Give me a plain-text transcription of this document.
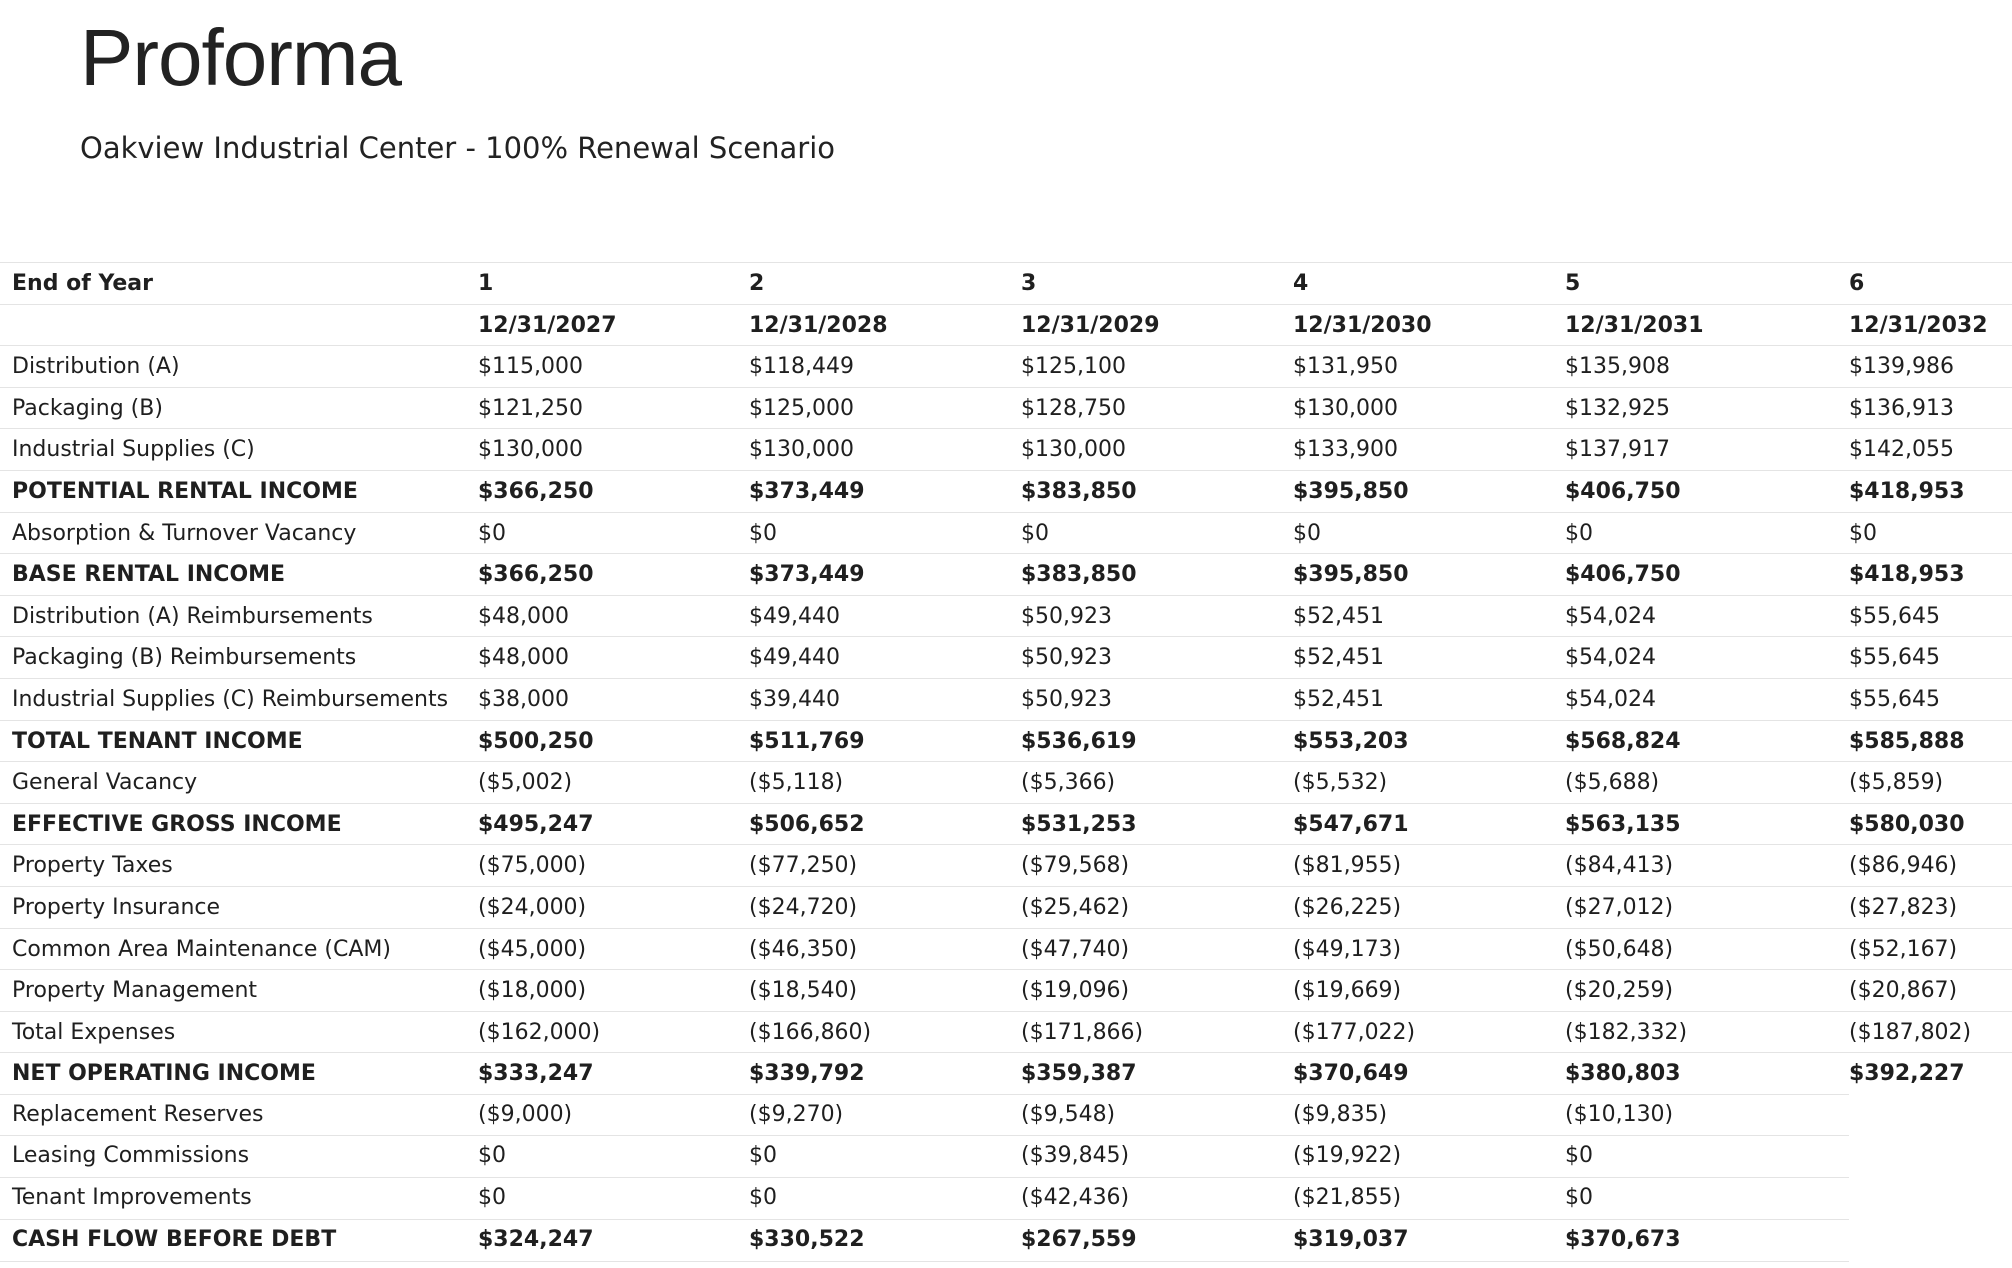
Proforma
Oakview Industrial Center - 100% Renewal Scenario
End of Year	1	2	3	4	5	6
12/31/2027	12/31/2028	12/31/2029	12/31/2030	12/31/2031	12/31/2032
Distribution (A)	$115,000	$118,449	$125,100	$131,950	$135,908	$139,986
Packaging (B)	$121,250	$125,000	$128,750	$130,000	$132,925	$136,913
Industrial Supplies (C)	$130,000	$130,000	$130,000	$133,900	$137,917	$142,055
POTENTIAL RENTAL INCOME	$366,250	$373,449	$383,850	$395,850	$406,750	$418,953
Absorption & Turnover Vacancy	$0	$0	$0	$0	$0	$0
BASE RENTAL INCOME	$366,250	$373,449	$383,850	$395,850	$406,750	$418,953
Distribution (A) Reimbursements	$48,000	$49,440	$50,923	$52,451	$54,024	$55,645
Packaging (B) Reimbursements	$48,000	$49,440	$50,923	$52,451	$54,024	$55,645
Industrial Supplies (C) Reimbursements $38,000	$39,440	$50,923	$52,451	$54,024	$55,645
TOTAL TENANT INCOME	$500,250	$511,769	$536,619	$553,203	$568,824	$585,888
General Vacancy	($5,002)	($5,118)	($5,366)	($5,532)	($5,688)	($5,859)
EFFECTIVE GROSS INCOME	$495,247	$506,652	$531,253	$547,671	$563,135	$580,030
Property Taxes	($75,000)	($77,250)	($79,568)	($81,955)	($84,413)	($86,946)
Property Insurance	($24,000)	($24,720)	($25,462)	($26,225)	($27,012)	($27,823)
Common Area Maintenance (CAM)	($45,000)	($46,350)	($47,740)	($49,173)	($50,648)	($52,167)
Property Management	($18,000)	($18,540)	($19,096)	($19,669)	($20,259)	($20,867)
Total Expenses	($162,000)	($166,860)	($171,866)	($177,022)	($182,332)	($187,802)
NET OPERATING INCOME	$333,247	$339,792	$359,387	$370,649	$380,803	$392,227
Replacement Reserves	($9,000)	($9,270)	($9,548)	($9,835)	($10,130)
Leasing Commissions	$0	$0	($39,845)	($19,922)	$0
Tenant Improvements	$0	$0	($42,436)	($21,855)	$0
CASH FLOW BEFORE DEBT	$324,247	$330,522	$267,559	$319,037	$370,673
